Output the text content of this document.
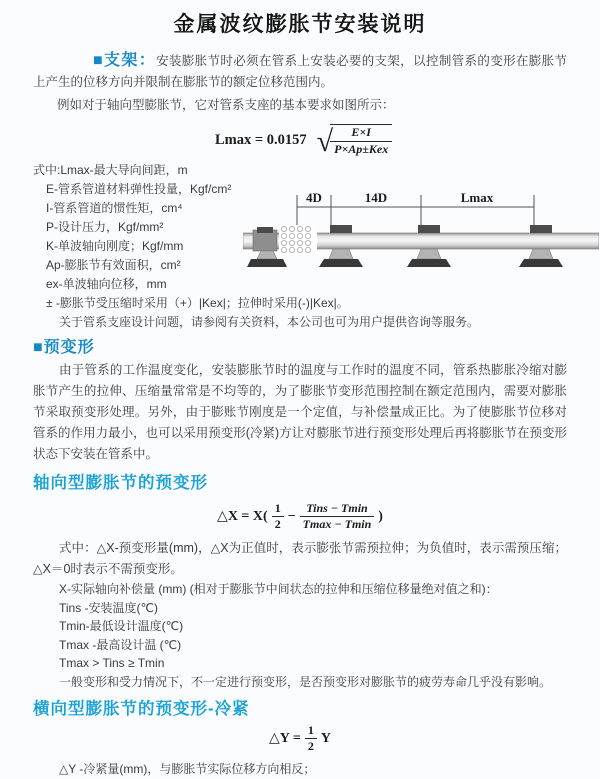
金属波纹膨胀节安装说明

■支架：安装膨胀节时必须在管系上安装必要的支架，以控制管系的变形在膨胀节上产生的位移方向并限制在膨胀节的额定位移范围内。

例如对于轴向型膨胀节，它对管系支座的基本要求如图所示：

Lmax = 0.0157 √
$\frac{E\times I}{\text{P×Ap±Kex}}$

式中:Lmax-最大导向间距，m

E-管系管道材料弹性投量，Kgf/cm²

I-管系管道的惯性矩，cm⁴

P-设计压力，Kgf/mm²

K-单波轴向刚度；Kgf/mm

Ap-膨胀节有效面积，cm²

ex-单波轴向位移，mm

± -膨胀节受压缩时采用（+）|Kex|；拉伸时采用(-)|Kex|。

关于管系支座设计问题，请参阅有关资料，本公司也可为用户提供咨询等服务。

4D	14D	Lmax
■预变形

由于管系的工作温度变化，安装膨胀节时的温度与工作时的温度不同，管系热膨胀冷缩对膨胀节产生的拉伸、压缩量常常是不均等的，为了膨胀节变形范围控制在额定范围内，需要对膨胀节采取预变形处理。另外，由于膨账节刚度是一个定值，与补偿量成正比。为了使膨胀节位移对管系的作用力最小，也可以采用预变形(冷紧)方让对膨胀节进行预变形处理后再将膨胀节在预变形状态下安装在管系中。

轴向型膨胀节的预变形
△X = $X( \frac{1}{2} - \frac{\text{Tins − Tmin}}{Tmax - Tmin}$ )

式中：△X-预变形量(mm)，△X为正值时，表示膨张节需预拉伸；为负值时，表示需预压缩；△X＝0时表示不需预变形。

X-实际轴向补偿量 (mm) (相对于膨胀节中间状态的拉伸和压缩位移量绝对值之和)：

Tins -安装温度(℃)

Tmin-最低设计温度(℃)

Tmax -最高设计温 (℃)

Tmax > Tins ≥ Tmin

一般变形和受力情况下，不一定进行预变形，是否预变形对膨胀节的疲劳寿命几乎没有影响。

横向型膨胀节的预变形-冷紧
△Y = $\frac{1}{2}$ Y

△Y -冷紧量(mm)，与膨胀节实际位移方向相反；
